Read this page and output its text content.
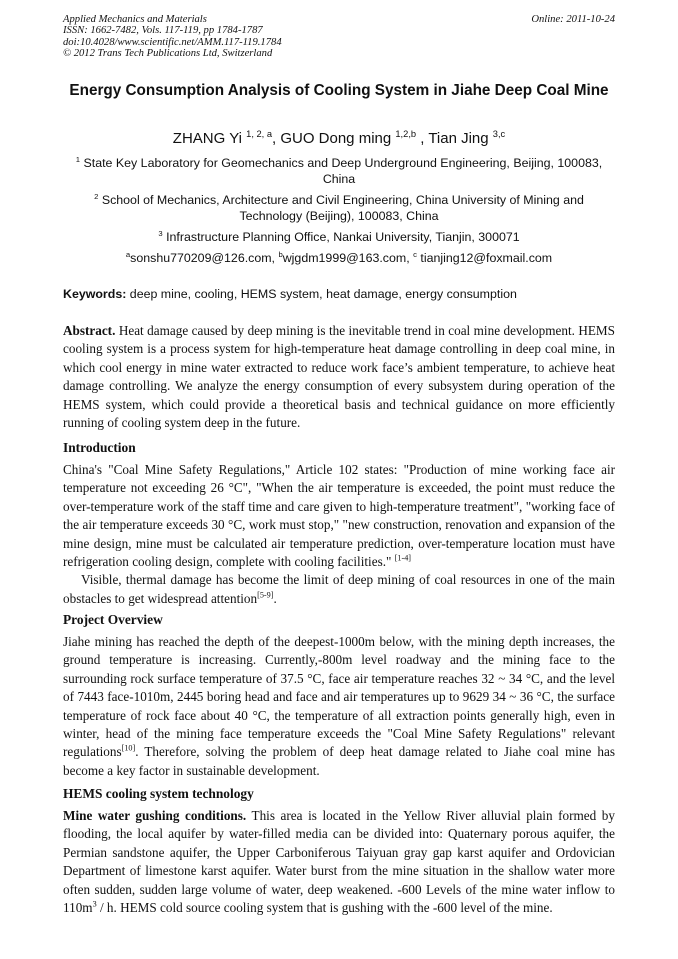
Applied Mechanics and Materials
ISSN: 1662-7482, Vols. 117-119, pp 1784-1787
doi:10.4028/www.scientific.net/AMM.117-119.1784
© 2012 Trans Tech Publications Ltd, Switzerland
Online: 2011-10-24
Energy Consumption Analysis of Cooling System in Jiahe Deep Coal Mine
ZHANG Yi $^{1, 2, a}$, GUO Dong ming $^{1,2,b}$ , Tian Jing $^{3,c}$
$^1$ State Key Laboratory for Geomechanics and Deep Underground Engineering, Beijing, 100083, China
$^2$ School of Mechanics, Architecture and Civil Engineering, China University of Mining and Technology (Beijing), 100083, China
$^3$ Infrastructure Planning Office, Nankai University, Tianjin, 300071
$^a$sonshu770209@126.com, $^b$wjgdm1999@163.com, $^c$ tianjing12@foxmail.com
Keywords: deep mine, cooling, HEMS system, heat damage, energy consumption
Abstract. Heat damage caused by deep mining is the inevitable trend in coal mine development. HEMS cooling system is a process system for high-temperature heat damage controlling in deep coal mine, in which cool energy in mine water extracted to reduce work face’s ambient temperature, to achieve heat damage controlling. We analyze the energy consumption of every subsystem during operation of the HEMS system, which could provide a theoretical basis and technical guidance on more efficiently running of cooling system deep in the future.
Introduction
China's "Coal Mine Safety Regulations," Article 102 states: "Production of mine working face air temperature not exceeding 26 °C", "When the air temperature is exceeded, the point must reduce the over-temperature work of the staff time and care given to high-temperature treatment", "working face of the air temperature exceeds 30 °C, work must stop," "new construction, renovation and expansion of the mine design, mine must be calculated air temperature prediction, over-temperature location must have refrigeration cooling design, complete with cooling facilities." [1-4]
Visible, thermal damage has become the limit of deep mining of coal resources in one of the main obstacles to get widespread attention[5-9].
Project Overview
Jiahe mining has reached the depth of the deepest-1000m below, with the mining depth increases, the ground temperature is increasing. Currently,-800m level roadway and the mining face to the surrounding rock surface temperature of 37.5 °C, face air temperature reaches 32 ~ 34 °C, and the level of 7443 face-1010m, 2445 boring head and face and air temperatures up to 9629 34 ~ 36 °C, the surface temperature of rock face about 40 °C, the temperature of all extraction points generally high, even in winter, head of the mining face temperature exceeds the "Coal Mine Safety Regulations" relevant regulations[10]. Therefore, solving the problem of deep heat damage related to Jiahe coal mine has become a key factor in sustainable development.
HEMS cooling system technology
Mine water gushing conditions. This area is located in the Yellow River alluvial plain formed by flooding, the local aquifer by water-filled media can be divided into: Quaternary porous aquifer, the Permian sandstone aquifer, the Upper Carboniferous Taiyuan gray gap karst aquifer and Ordovician Department of limestone karst aquifer. Water burst from the mine situation in the shallow water more often sudden, sudden large volume of water, deep weakened. -600 Levels of the mine water inflow to $110m^3$ / h. HEMS cold source cooling system that is gushing with the -600 level of the mine.
